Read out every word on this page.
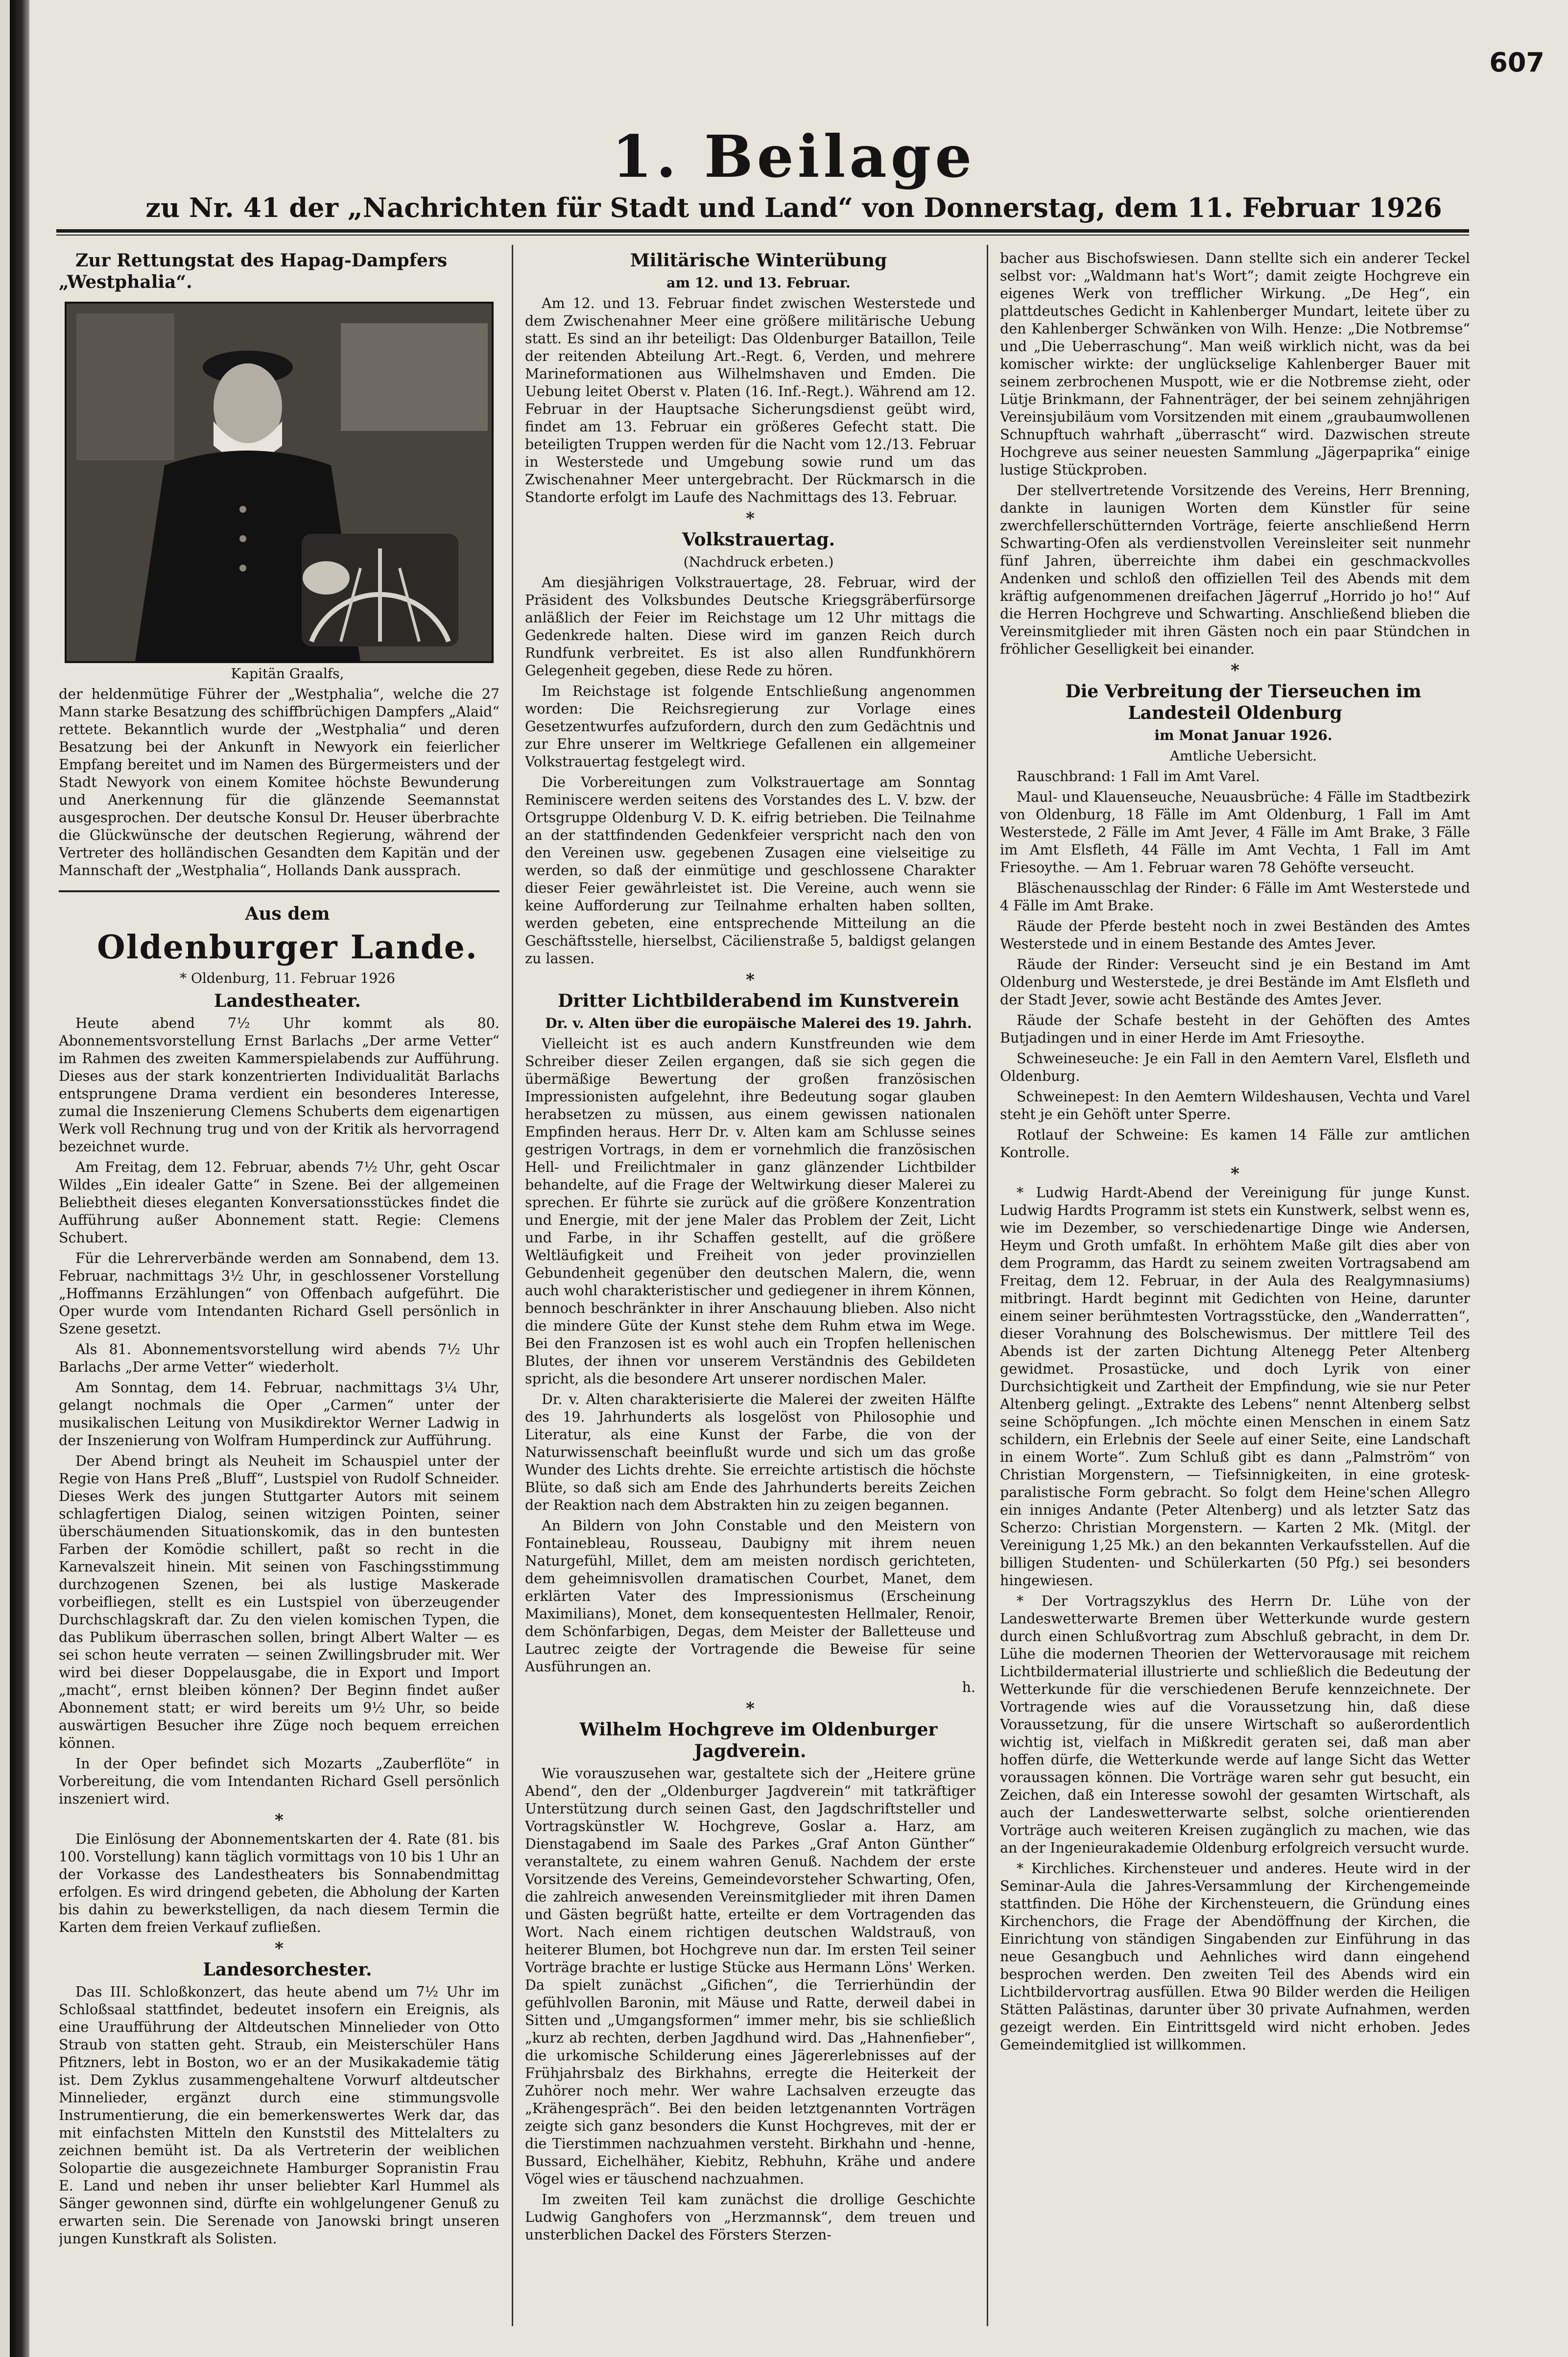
607
1. Beilage
zu Nr. 41 der „Nachrichten für Stadt und Land“ von Donnerstag, dem 11. Februar 1926

Zur Rettungstat des Hapag-Dampfers „Westphalia“.

Kapitän Graalfs,

der heldenmütige Führer der „Westphalia“, welche die 27 Mann starke Besatzung des schiffbrüchigen Dampfers „Alaid“ rettete. Bekanntlich wurde der „Westphalia“ und deren Besatzung bei der Ankunft in Newyork ein feierlicher Empfang bereitet und im Namen des Bürgermeisters und der Stadt Newyork von einem Komitee höchste Bewunderung und Anerkennung für die glänzende Seemannstat ausgesprochen. Der deutsche Konsul Dr. Heuser überbrachte die Glückwünsche der deutschen Regierung, während der Vertreter des holländischen Gesandten dem Kapitän und der Mannschaft der „Westphalia“, Hollands Dank aussprach.

Aus dem

Oldenburger Lande.

* Oldenburg, 11. Februar 1926

Landestheater.

Heute abend 7½ Uhr kommt als 80. Abonnementsvorstellung Ernst Barlachs „Der arme Vetter“ im Rahmen des zweiten Kammerspielabends zur Aufführung. Dieses aus der stark konzentrierten Individualität Barlachs entsprungene Drama verdient ein besonderes Interesse, zumal die Inszenierung Clemens Schuberts dem eigenartigen Werk voll Rechnung trug und von der Kritik als hervorragend bezeichnet wurde.

Am Freitag, dem 12. Februar, abends 7½ Uhr, geht Oscar Wildes „Ein idealer Gatte“ in Szene. Bei der allgemeinen Beliebtheit dieses eleganten Konversationsstückes findet die Aufführung außer Abonnement statt. Regie: Clemens Schubert.

Für die Lehrerverbände werden am Sonnabend, dem 13. Februar, nachmittags 3½ Uhr, in geschlossener Vorstellung „Hoffmanns Erzählungen“ von Offenbach aufgeführt. Die Oper wurde vom Intendanten Richard Gsell persönlich in Szene gesetzt.

Als 81. Abonnementsvorstellung wird abends 7½ Uhr Barlachs „Der arme Vetter“ wiederholt.

Am Sonntag, dem 14. Februar, nachmittags 3¼ Uhr, gelangt nochmals die Oper „Carmen“ unter der musikalischen Leitung von Musikdirektor Werner Ladwig in der Inszenierung von Wolfram Humperdinck zur Aufführung.

Der Abend bringt als Neuheit im Schauspiel unter der Regie von Hans Preß „Bluff“, Lustspiel von Rudolf Schneider. Dieses Werk des jungen Stuttgarter Autors mit seinem schlagfertigen Dialog, seinen witzigen Pointen, seiner überschäumenden Situationskomik, das in den buntesten Farben der Komödie schillert, paßt so recht in die Karnevalszeit hinein. Mit seinen von Faschingsstimmung durchzogenen Szenen, bei als lustige Maskerade vorbeifliegen, stellt es ein Lustspiel von überzeugender Durchschlagskraft dar. Zu den vielen komischen Typen, die das Publikum überraschen sollen, bringt Albert Walter — es sei schon heute verraten — seinen Zwillingsbruder mit. Wer wird bei dieser Doppelausgabe, die in Export und Import „macht“, ernst bleiben können? Der Beginn findet außer Abonnement statt; er wird bereits um 9½ Uhr, so beide auswärtigen Besucher ihre Züge noch bequem erreichen können.

In der Oper befindet sich Mozarts „Zauberflöte“ in Vorbereitung, die vom Intendanten Richard Gsell persönlich inszeniert wird.

*

Die Einlösung der Abonnementskarten der 4. Rate (81. bis 100. Vorstellung) kann täglich vormittags von 10 bis 1 Uhr an der Vorkasse des Landestheaters bis Sonnabendmittag erfolgen. Es wird dringend gebeten, die Abholung der Karten bis dahin zu bewerkstelligen, da nach diesem Termin die Karten dem freien Verkauf zufließen.

*

Landesorchester.

Das III. Schloßkonzert, das heute abend um 7½ Uhr im Schloßsaal stattfindet, bedeutet insofern ein Ereignis, als eine Uraufführung der Altdeutschen Minnelieder von Otto Straub von statten geht. Straub, ein Meisterschüler Hans Pfitzners, lebt in Boston, wo er an der Musikakademie tätig ist. Dem Zyklus zusammengehaltene Vorwurf altdeutscher Minnelieder, ergänzt durch eine stimmungsvolle Instrumentierung, die ein bemerkenswertes Werk dar, das mit einfachsten Mitteln den Kunststil des Mittelalters zu zeichnen bemüht ist. Da als Vertreterin der weiblichen Solopartie die ausgezeichnete Hamburger Sopranistin Frau E. Land und neben ihr unser beliebter Karl Hummel als Sänger gewonnen sind, dürfte ein wohlgelungener Genuß zu erwarten sein. Die Serenade von Janowski bringt unseren jungen Kunstkraft als Solisten.

Militärische Winterübung

am 12. und 13. Februar.

Am 12. und 13. Februar findet zwischen Westerstede und dem Zwischenahner Meer eine größere militärische Uebung statt. Es sind an ihr beteiligt: Das Oldenburger Bataillon, Teile der reitenden Abteilung Art.-Regt. 6, Verden, und mehrere Marineformationen aus Wilhelmshaven und Emden. Die Uebung leitet Oberst v. Platen (16. Inf.-Regt.). Während am 12. Februar in der Hauptsache Sicherungsdienst geübt wird, findet am 13. Februar ein größeres Gefecht statt. Die beteiligten Truppen werden für die Nacht vom 12./13. Februar in Westerstede und Umgebung sowie rund um das Zwischenahner Meer untergebracht. Der Rückmarsch in die Standorte erfolgt im Laufe des Nachmittags des 13. Februar.

*

Volkstrauertag.

(Nachdruck erbeten.)

Am diesjährigen Volkstrauertage, 28. Februar, wird der Präsident des Volksbundes Deutsche Kriegsgräberfürsorge anläßlich der Feier im Reichstage um 12 Uhr mittags die Gedenkrede halten. Diese wird im ganzen Reich durch Rundfunk verbreitet. Es ist also allen Rundfunkhörern Gelegenheit gegeben, diese Rede zu hören.

Im Reichstage ist folgende Entschließung angenommen worden: Die Reichsregierung zur Vorlage eines Gesetzentwurfes aufzufordern, durch den zum Gedächtnis und zur Ehre unserer im Weltkriege Gefallenen ein allgemeiner Volkstrauertag festgelegt wird.

Die Vorbereitungen zum Volkstrauertage am Sonntag Reminiscere werden seitens des Vorstandes des L. V. bzw. der Ortsgruppe Oldenburg V. D. K. eifrig betrieben. Die Teilnahme an der stattfindenden Gedenkfeier verspricht nach den von den Vereinen usw. gegebenen Zusagen eine vielseitige zu werden, so daß der einmütige und geschlossene Charakter dieser Feier gewährleistet ist. Die Vereine, auch wenn sie keine Aufforderung zur Teilnahme erhalten haben sollten, werden gebeten, eine entsprechende Mitteilung an die Geschäftsstelle, hierselbst, Cäcilienstraße 5, baldigst gelangen zu lassen.

*

Dritter Lichtbilderabend im Kunstverein

Dr. v. Alten über die europäische Malerei des 19. Jahrh.

Vielleicht ist es auch andern Kunstfreunden wie dem Schreiber dieser Zeilen ergangen, daß sie sich gegen die übermäßige Bewertung der großen französischen Impressionisten aufgelehnt, ihre Bedeutung sogar glauben herabsetzen zu müssen, aus einem gewissen nationalen Empfinden heraus. Herr Dr. v. Alten kam am Schlusse seines gestrigen Vortrags, in dem er vornehmlich die französischen Hell- und Freilichtmaler in ganz glänzender Lichtbilder behandelte, auf die Frage der Weltwirkung dieser Malerei zu sprechen. Er führte sie zurück auf die größere Konzentration und Energie, mit der jene Maler das Problem der Zeit, Licht und Farbe, in ihr Schaffen gestellt, auf die größere Weltläufigkeit und Freiheit von jeder provinziellen Gebundenheit gegenüber den deutschen Malern, die, wenn auch wohl charakteristischer und gediegener in ihrem Können, bennoch beschränkter in ihrer Anschauung blieben. Also nicht die mindere Güte der Kunst stehe dem Ruhm etwa im Wege. Bei den Franzosen ist es wohl auch ein Tropfen hellenischen Blutes, der ihnen vor unserem Verständnis des Gebildeten spricht, als die besondere Art unserer nordischen Maler.

Dr. v. Alten charakterisierte die Malerei der zweiten Hälfte des 19. Jahrhunderts als losgelöst von Philosophie und Literatur, als eine Kunst der Farbe, die von der Naturwissenschaft beeinflußt wurde und sich um das große Wunder des Lichts drehte. Sie erreichte artistisch die höchste Blüte, so daß sich am Ende des Jahrhunderts bereits Zeichen der Reaktion nach dem Abstrakten hin zu zeigen begannen.

An Bildern von John Constable und den Meistern von Fontainebleau, Rousseau, Daubigny mit ihrem neuen Naturgefühl, Millet, dem am meisten nordisch gerichteten, dem geheimnisvollen dramatischen Courbet, Manet, dem erklärten Vater des Impressionismus (Erscheinung Maximilians), Monet, dem konsequentesten Hellmaler, Renoir, dem Schönfarbigen, Degas, dem Meister der Balletteuse und Lautrec zeigte der Vortragende die Beweise für seine Ausführungen an.

h.

*

Wilhelm Hochgreve im Oldenburger Jagdverein.

Wie vorauszusehen war, gestaltete sich der „Heitere grüne Abend“, den der „Oldenburger Jagdverein“ mit tatkräftiger Unterstützung durch seinen Gast, den Jagdschriftsteller und Vortragskünstler W. Hochgreve, Goslar a. Harz, am Dienstagabend im Saale des Parkes „Graf Anton Günther“ veranstaltete, zu einem wahren Genuß. Nachdem der erste Vorsitzende des Vereins, Gemeindevorsteher Schwarting, Ofen, die zahlreich anwesenden Vereinsmitglieder mit ihren Damen und Gästen begrüßt hatte, erteilte er dem Vortragenden das Wort. Nach einem richtigen deutschen Waldstrauß, von heiterer Blumen, bot Hochgreve nun dar. Im ersten Teil seiner Vorträge brachte er lustige Stücke aus Hermann Löns' Werken. Da spielt zunächst „Gifichen“, die Terrierhündin der gefühlvollen Baronin, mit Mäuse und Ratte, derweil dabei in Sitten und „Umgangsformen“ immer mehr, bis sie schließlich „kurz ab rechten, derben Jagdhund wird. Das „Hahnenfieber“, die urkomische Schilderung eines Jägererlebnisses auf der Frühjahrsbalz des Birkhahns, erregte die Heiterkeit der Zuhörer noch mehr. Wer wahre Lachsalven erzeugte das „Krähengespräch“. Bei den beiden letztgenannten Vorträgen zeigte sich ganz besonders die Kunst Hochgreves, mit der er die Tierstimmen nachzuahmen versteht. Birkhahn und -henne, Bussard, Eichelhäher, Kiebitz, Rebhuhn, Krähe und andere Vögel wies er täuschend nachzuahmen.

Im zweiten Teil kam zunächst die drollige Geschichte Ludwig Ganghofers von „Herzmannsk“, dem treuen und unsterblichen Dackel des Försters Sterzen-

bacher aus Bischofswiesen. Dann stellte sich ein anderer Teckel selbst vor: „Waldmann hat's Wort“; damit zeigte Hochgreve ein eigenes Werk von trefflicher Wirkung. „De Heg“, ein plattdeutsches Gedicht in Kahlenberger Mundart, leitete über zu den Kahlenberger Schwänken von Wilh. Henze: „Die Notbremse“ und „Die Ueberraschung“. Man weiß wirklich nicht, was da bei komischer wirkte: der unglückselige Kahlenberger Bauer mit seinem zerbrochenen Muspott, wie er die Notbremse zieht, oder Lütje Brinkmann, der Fahnenträger, der bei seinem zehnjährigen Vereinsjubiläum vom Vorsitzenden mit einem „graubaumwollenen Schnupftuch wahrhaft „überrascht“ wird. Dazwischen streute Hochgreve aus seiner neuesten Sammlung „Jägerpaprika“ einige lustige Stückproben.

Der stellvertretende Vorsitzende des Vereins, Herr Brenning, dankte in launigen Worten dem Künstler für seine zwerchfellerschütternden Vorträge, feierte anschließend Herrn Schwarting-Ofen als verdienstvollen Vereinsleiter seit nunmehr fünf Jahren, überreichte ihm dabei ein geschmackvolles Andenken und schloß den offiziellen Teil des Abends mit dem kräftig aufgenommenen dreifachen Jägerruf „Horrido jo ho!“ Auf die Herren Hochgreve und Schwarting. Anschließend blieben die Vereinsmitglieder mit ihren Gästen noch ein paar Stündchen in fröhlicher Geselligkeit bei einander.

*

Die Verbreitung der Tierseuchen im Landesteil Oldenburg

im Monat Januar 1926.

Amtliche Uebersicht.

Rauschbrand: 1 Fall im Amt Varel.

Maul- und Klauenseuche, Neuausbrüche: 4 Fälle im Stadtbezirk von Oldenburg, 18 Fälle im Amt Oldenburg, 1 Fall im Amt Westerstede, 2 Fälle im Amt Jever, 4 Fälle im Amt Brake, 3 Fälle im Amt Elsfleth, 44 Fälle im Amt Vechta, 1 Fall im Amt Friesoythe. — Am 1. Februar waren 78 Gehöfte verseucht.

Bläschenausschlag der Rinder: 6 Fälle im Amt Westerstede und 4 Fälle im Amt Brake.

Räude der Pferde besteht noch in zwei Beständen des Amtes Westerstede und in einem Bestande des Amtes Jever.

Räude der Rinder: Verseucht sind je ein Bestand im Amt Oldenburg und Westerstede, je drei Bestände im Amt Elsfleth und der Stadt Jever, sowie acht Bestände des Amtes Jever.

Räude der Schafe besteht in der Gehöften des Amtes Butjadingen und in einer Herde im Amt Friesoythe.

Schweineseuche: Je ein Fall in den Aemtern Varel, Elsfleth und Oldenburg.

Schweinepest: In den Aemtern Wildeshausen, Vechta und Varel steht je ein Gehöft unter Sperre.

Rotlauf der Schweine: Es kamen 14 Fälle zur amtlichen Kontrolle.

*

* Ludwig Hardt-Abend der Vereinigung für junge Kunst. Ludwig Hardts Programm ist stets ein Kunstwerk, selbst wenn es, wie im Dezember, so verschiedenartige Dinge wie Andersen, Heym und Groth umfaßt. In erhöhtem Maße gilt dies aber von dem Programm, das Hardt zu seinem zweiten Vortragsabend am Freitag, dem 12. Februar, in der Aula des Realgymnasiums) mitbringt. Hardt beginnt mit Gedichten von Heine, darunter einem seiner berühmtesten Vortragsstücke, den „Wanderratten“, dieser Vorahnung des Bolschewismus. Der mittlere Teil des Abends ist der zarten Dichtung Altenegg Peter Altenberg gewidmet. Prosastücke, und doch Lyrik von einer Durchsichtigkeit und Zartheit der Empfindung, wie sie nur Peter Altenberg gelingt. „Extrakte des Lebens“ nennt Altenberg selbst seine Schöpfungen. „Ich möchte einen Menschen in einem Satz schildern, ein Erlebnis der Seele auf einer Seite, eine Landschaft in einem Worte“. Zum Schluß gibt es dann „Palmström“ von Christian Morgenstern, — Tiefsinnigkeiten, in eine grotesk-paralistische Form gebracht. So folgt dem Heine'schen Allegro ein inniges Andante (Peter Altenberg) und als letzter Satz das Scherzo: Christian Morgenstern. — Karten 2 Mk. (Mitgl. der Vereinigung 1,25 Mk.) an den bekannten Verkaufsstellen. Auf die billigen Studenten- und Schülerkarten (50 Pfg.) sei besonders hingewiesen.

* Der Vortragszyklus des Herrn Dr. Lühe von der Landeswetterwarte Bremen über Wetterkunde wurde gestern durch einen Schlußvortrag zum Abschluß gebracht, in dem Dr. Lühe die modernen Theorien der Wettervorausage mit reichem Lichtbildermaterial illustrierte und schließlich die Bedeutung der Wetterkunde für die verschiedenen Berufe kennzeichnete. Der Vortragende wies auf die Voraussetzung hin, daß diese Voraussetzung, für die unsere Wirtschaft so außerordentlich wichtig ist, vielfach in Mißkredit geraten sei, daß man aber hoffen dürfe, die Wetterkunde werde auf lange Sicht das Wetter voraussagen können. Die Vorträge waren sehr gut besucht, ein Zeichen, daß ein Interesse sowohl der gesamten Wirtschaft, als auch der Landeswetterwarte selbst, solche orientierenden Vorträge auch weiteren Kreisen zugänglich zu machen, wie das an der Ingenieurakademie Oldenburg erfolgreich versucht wurde.

* Kirchliches. Kirchensteuer und anderes. Heute wird in der Seminar-Aula die Jahres-Versammlung der Kirchengemeinde stattfinden. Die Höhe der Kirchensteuern, die Gründung eines Kirchenchors, die Frage der Abendöffnung der Kirchen, die Einrichtung von ständigen Singabenden zur Einführung in das neue Gesangbuch und Aehnliches wird dann eingehend besprochen werden. Den zweiten Teil des Abends wird ein Lichtbildervortrag ausfüllen. Etwa 90 Bilder werden die Heiligen Stätten Palästinas, darunter über 30 private Aufnahmen, werden gezeigt werden. Ein Eintrittsgeld wird nicht erhoben. Jedes Gemeindemitglied ist willkommen.
